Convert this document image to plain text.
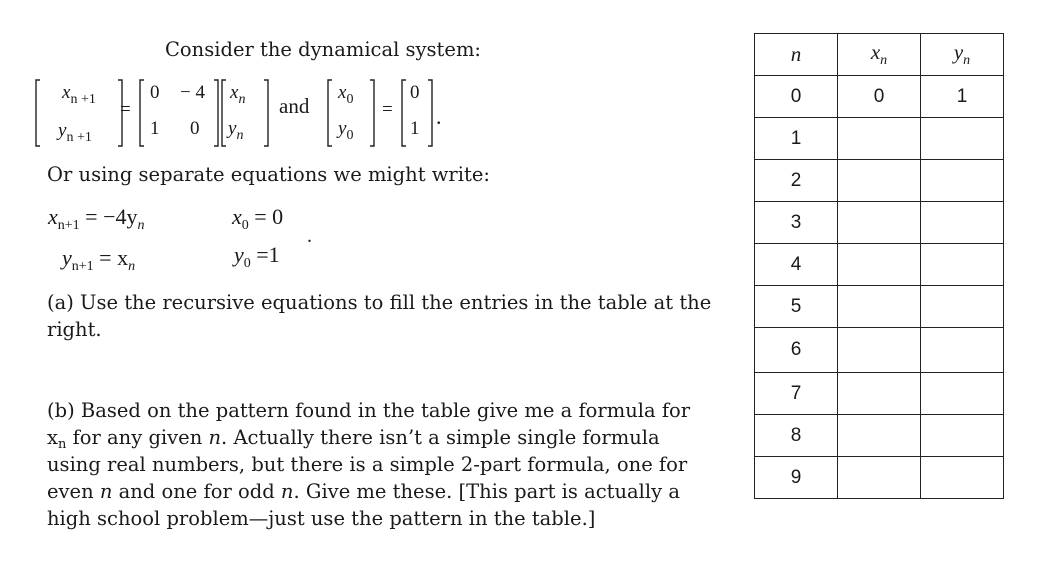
Consider the dynamical system:
$x_{n +1}$
$y_{n +1}$
=
0 − 4
1 0
$x_n$
$y_n$
and
$x_0$
$y_0$
=
0
1 .
Or using separate equations we might write:
$x_{n+1} = -4y_n$
$y_{n+1} = x_n$
$x_0 = 0$
$y_0 =1$
.
(a) Use the recursive equations to fill the entries in the table at the
right.
(b) Based on the pattern found in the table give me a formula for
$x_n$ for any given n. Actually there isn’t a simple single formula
using real numbers, but there is a simple 2-part formula, one for
even n and one for odd n. Give me these. [This part is actually a
high school problem—just use the pattern in the table.]
n	$x_n$	$y_n$
0	0	1
1		
2		
3		
4		
5		
6		
7		
8		
9		
